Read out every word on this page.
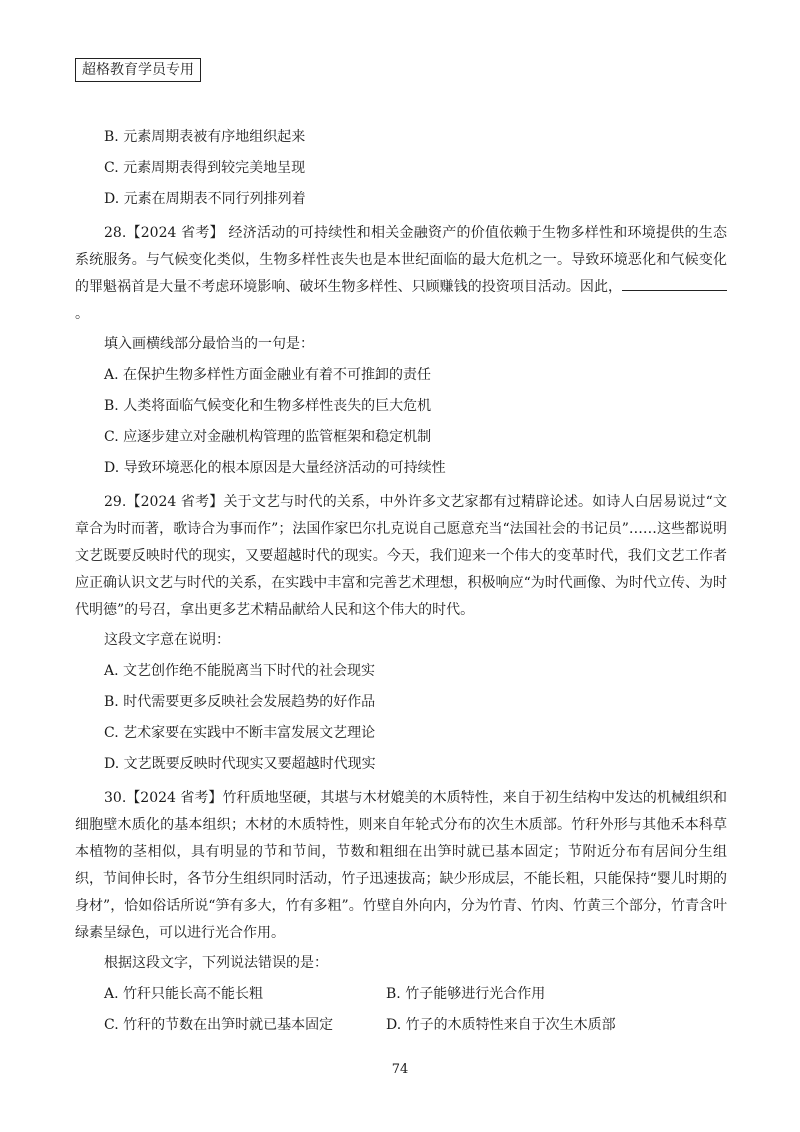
超格教育学员专用

B. 元素周期表被有序地组织起来

C. 元素周期表得到较完美地呈现

D. 元素在周期表不同行列排列着

28.【2024 省考】 经济活动的可持续性和相关金融资产的价值依赖于生物多样性和环境提供的生态系统服务。与气候变化类似，生物多样性丧失也是本世纪面临的最大危机之一。导致环境恶化和气候变化的罪魁祸首是大量不考虑环境影响、破坏生物多样性、只顾赚钱的投资项目活动。因此，。

填入画横线部分最恰当的一句是：

A. 在保护生物多样性方面金融业有着不可推卸的责任

B. 人类将面临气候变化和生物多样性丧失的巨大危机

C. 应逐步建立对金融机构管理的监管框架和稳定机制

D. 导致环境恶化的根本原因是大量经济活动的可持续性

29.【2024 省考】关于文艺与时代的关系，中外许多文艺家都有过精辟论述。如诗人白居易说过“文章合为时而著，歌诗合为事而作”；法国作家巴尔扎克说自己愿意充当“法国社会的书记员”……这些都说明文艺既要反映时代的现实，又要超越时代的现实。今天，我们迎来一个伟大的变革时代，我们文艺工作者应正确认识文艺与时代的关系，在实践中丰富和完善艺术理想，积极响应“为时代画像、为时代立传、为时代明德”的号召，拿出更多艺术精品献给人民和这个伟大的时代。

这段文字意在说明：

A. 文艺创作绝不能脱离当下时代的社会现实

B. 时代需要更多反映社会发展趋势的好作品

C. 艺术家要在实践中不断丰富发展文艺理论

D. 文艺既要反映时代现实又要超越时代现实

30.【2024 省考】竹秆质地坚硬，其堪与木材媲美的木质特性，来自于初生结构中发达的机械组织和细胞壁木质化的基本组织；木材的木质特性，则来自年轮式分布的次生木质部。竹秆外形与其他禾本科草本植物的茎相似，具有明显的节和节间，节数和粗细在出笋时就已基本固定；节附近分布有居间分生组织，节间伸长时，各节分生组织同时活动，竹子迅速拔高；缺少形成层，不能长粗，只能保持“婴儿时期的身材”，恰如俗话所说“笋有多大，竹有多粗”。竹壁自外向内，分为竹青、竹肉、竹黄三个部分，竹青含叶绿素呈绿色，可以进行光合作用。

根据这段文字，下列说法错误的是：

A. 竹秆只能长高不能长粗	B. 竹子能够进行光合作用
C. 竹秆的节数在出笋时就已基本固定	D. 竹子的木质特性来自于次生木质部
74
